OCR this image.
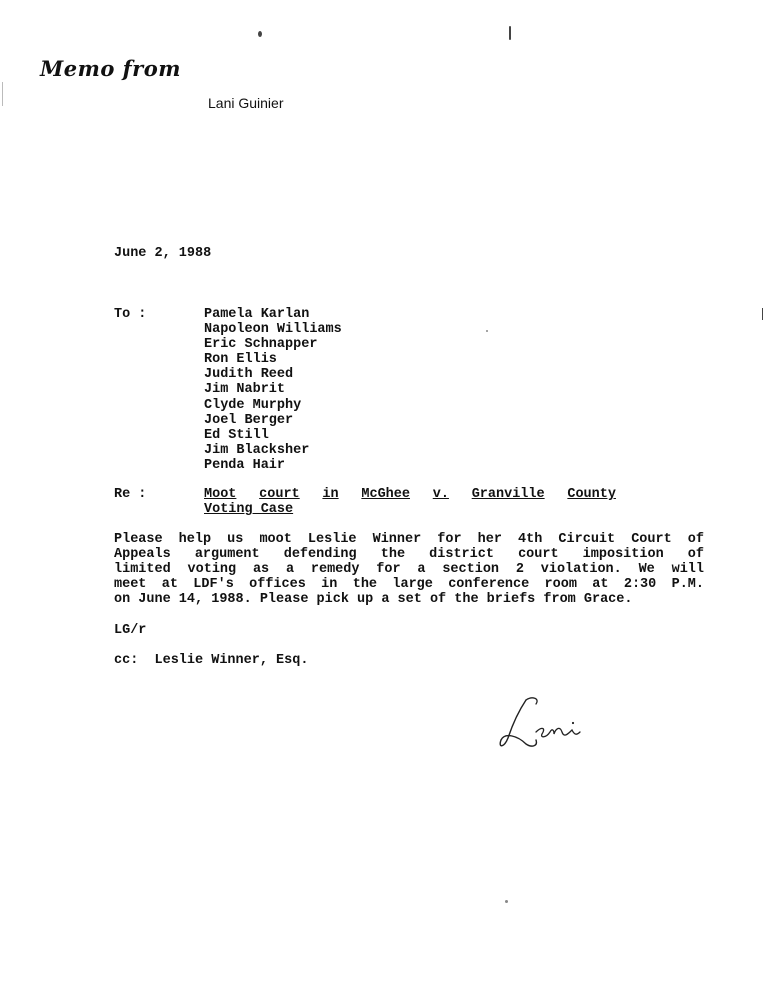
Memo from
Lani Guinier
June 2, 1988
To :	Pamela Karlan
Napoleon Williams
Eric Schnapper
Ron Ellis
Judith Reed
Jim Nabrit
Clyde Murphy
Joel Berger
Ed Still
Jim Blacksher
Penda Hair
Re :	Moot court in McGhee v. Granville County
Voting Case

Please help us moot Leslie Winner for her 4th Circuit Court of
Appeals argument defending the district court imposition of
limited voting as a remedy for a section 2 violation. We will
meet at LDF's offices in the large conference room at 2:30 P.M.
on June 14, 1988. Please pick up a set of the briefs from Grace.

LG/r
cc:  Leslie Winner, Esq.
